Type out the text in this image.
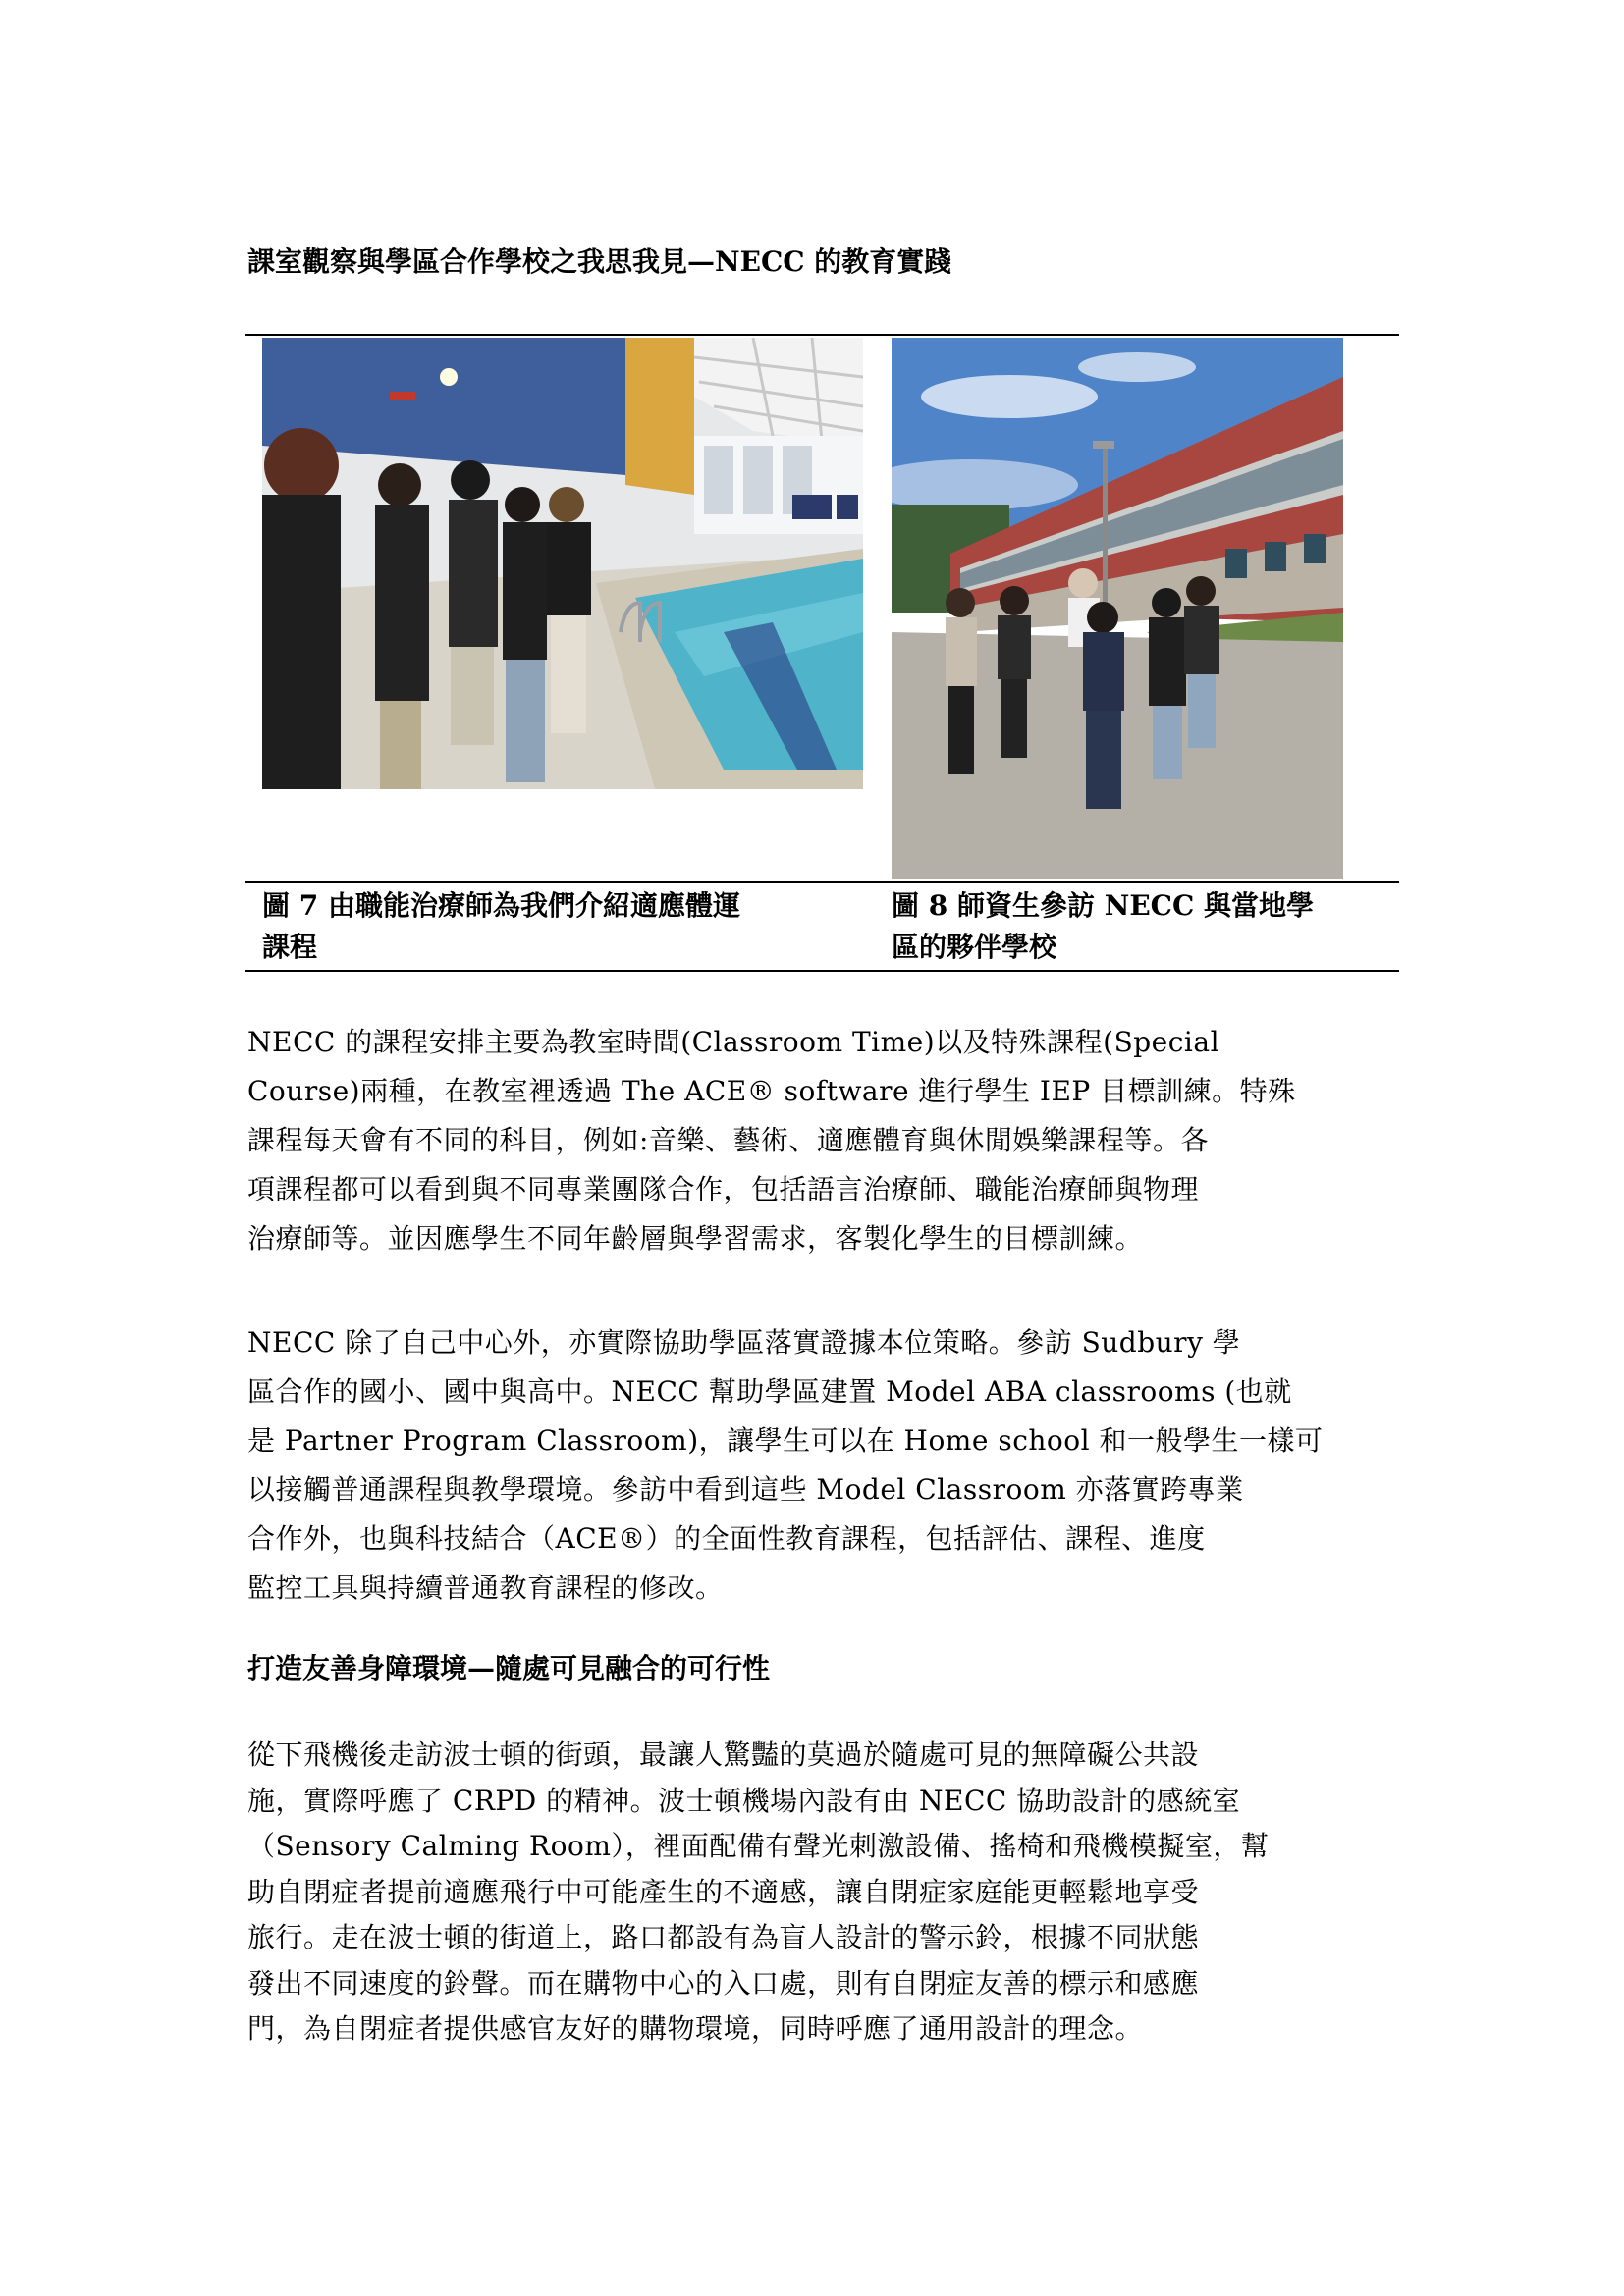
課室觀察與學區合作學校之我思我見—NECC 的教育實踐
圖 7 由職能治療師為我們介紹適應體運
課程
圖 8 師資生參訪 NECC 與當地學
區的夥伴學校

NECC 的課程安排主要為教室時間(Classroom Time)以及特殊課程(Special
Course)兩種，在教室裡透過 The ACE® software 進行學生 IEP 目標訓練。特殊
課程每天會有不同的科目，例如:音樂、藝術、適應體育與休閒娛樂課程等。各
項課程都可以看到與不同專業團隊合作，包括語言治療師、職能治療師與物理
治療師等。並因應學生不同年齡層與學習需求，客製化學生的目標訓練。

NECC 除了自己中心外，亦實際協助學區落實證據本位策略。參訪 Sudbury 學
區合作的國小、國中與高中。NECC 幫助學區建置 Model ABA classrooms (也就
是 Partner Program Classroom)，讓學生可以在 Home school 和一般學生一樣可
以接觸普通課程與教學環境。參訪中看到這些 Model Classroom 亦落實跨專業
合作外，也與科技結合（ACE®）的全面性教育課程，包括評估、課程、進度
監控工具與持續普通教育課程的修改。

打造友善身障環境—隨處可見融合的可行性

從下飛機後走訪波士頓的街頭，最讓人驚豔的莫過於隨處可見的無障礙公共設
施，實際呼應了 CRPD 的精神。波士頓機場內設有由 NECC 協助設計的感統室
（Sensory Calming Room），裡面配備有聲光刺激設備、搖椅和飛機模擬室，幫
助自閉症者提前適應飛行中可能產生的不適感，讓自閉症家庭能更輕鬆地享受
旅行。走在波士頓的街道上，路口都設有為盲人設計的警示鈴，根據不同狀態
發出不同速度的鈴聲。而在購物中心的入口處，則有自閉症友善的標示和感應
門，為自閉症者提供感官友好的購物環境，同時呼應了通用設計的理念。
